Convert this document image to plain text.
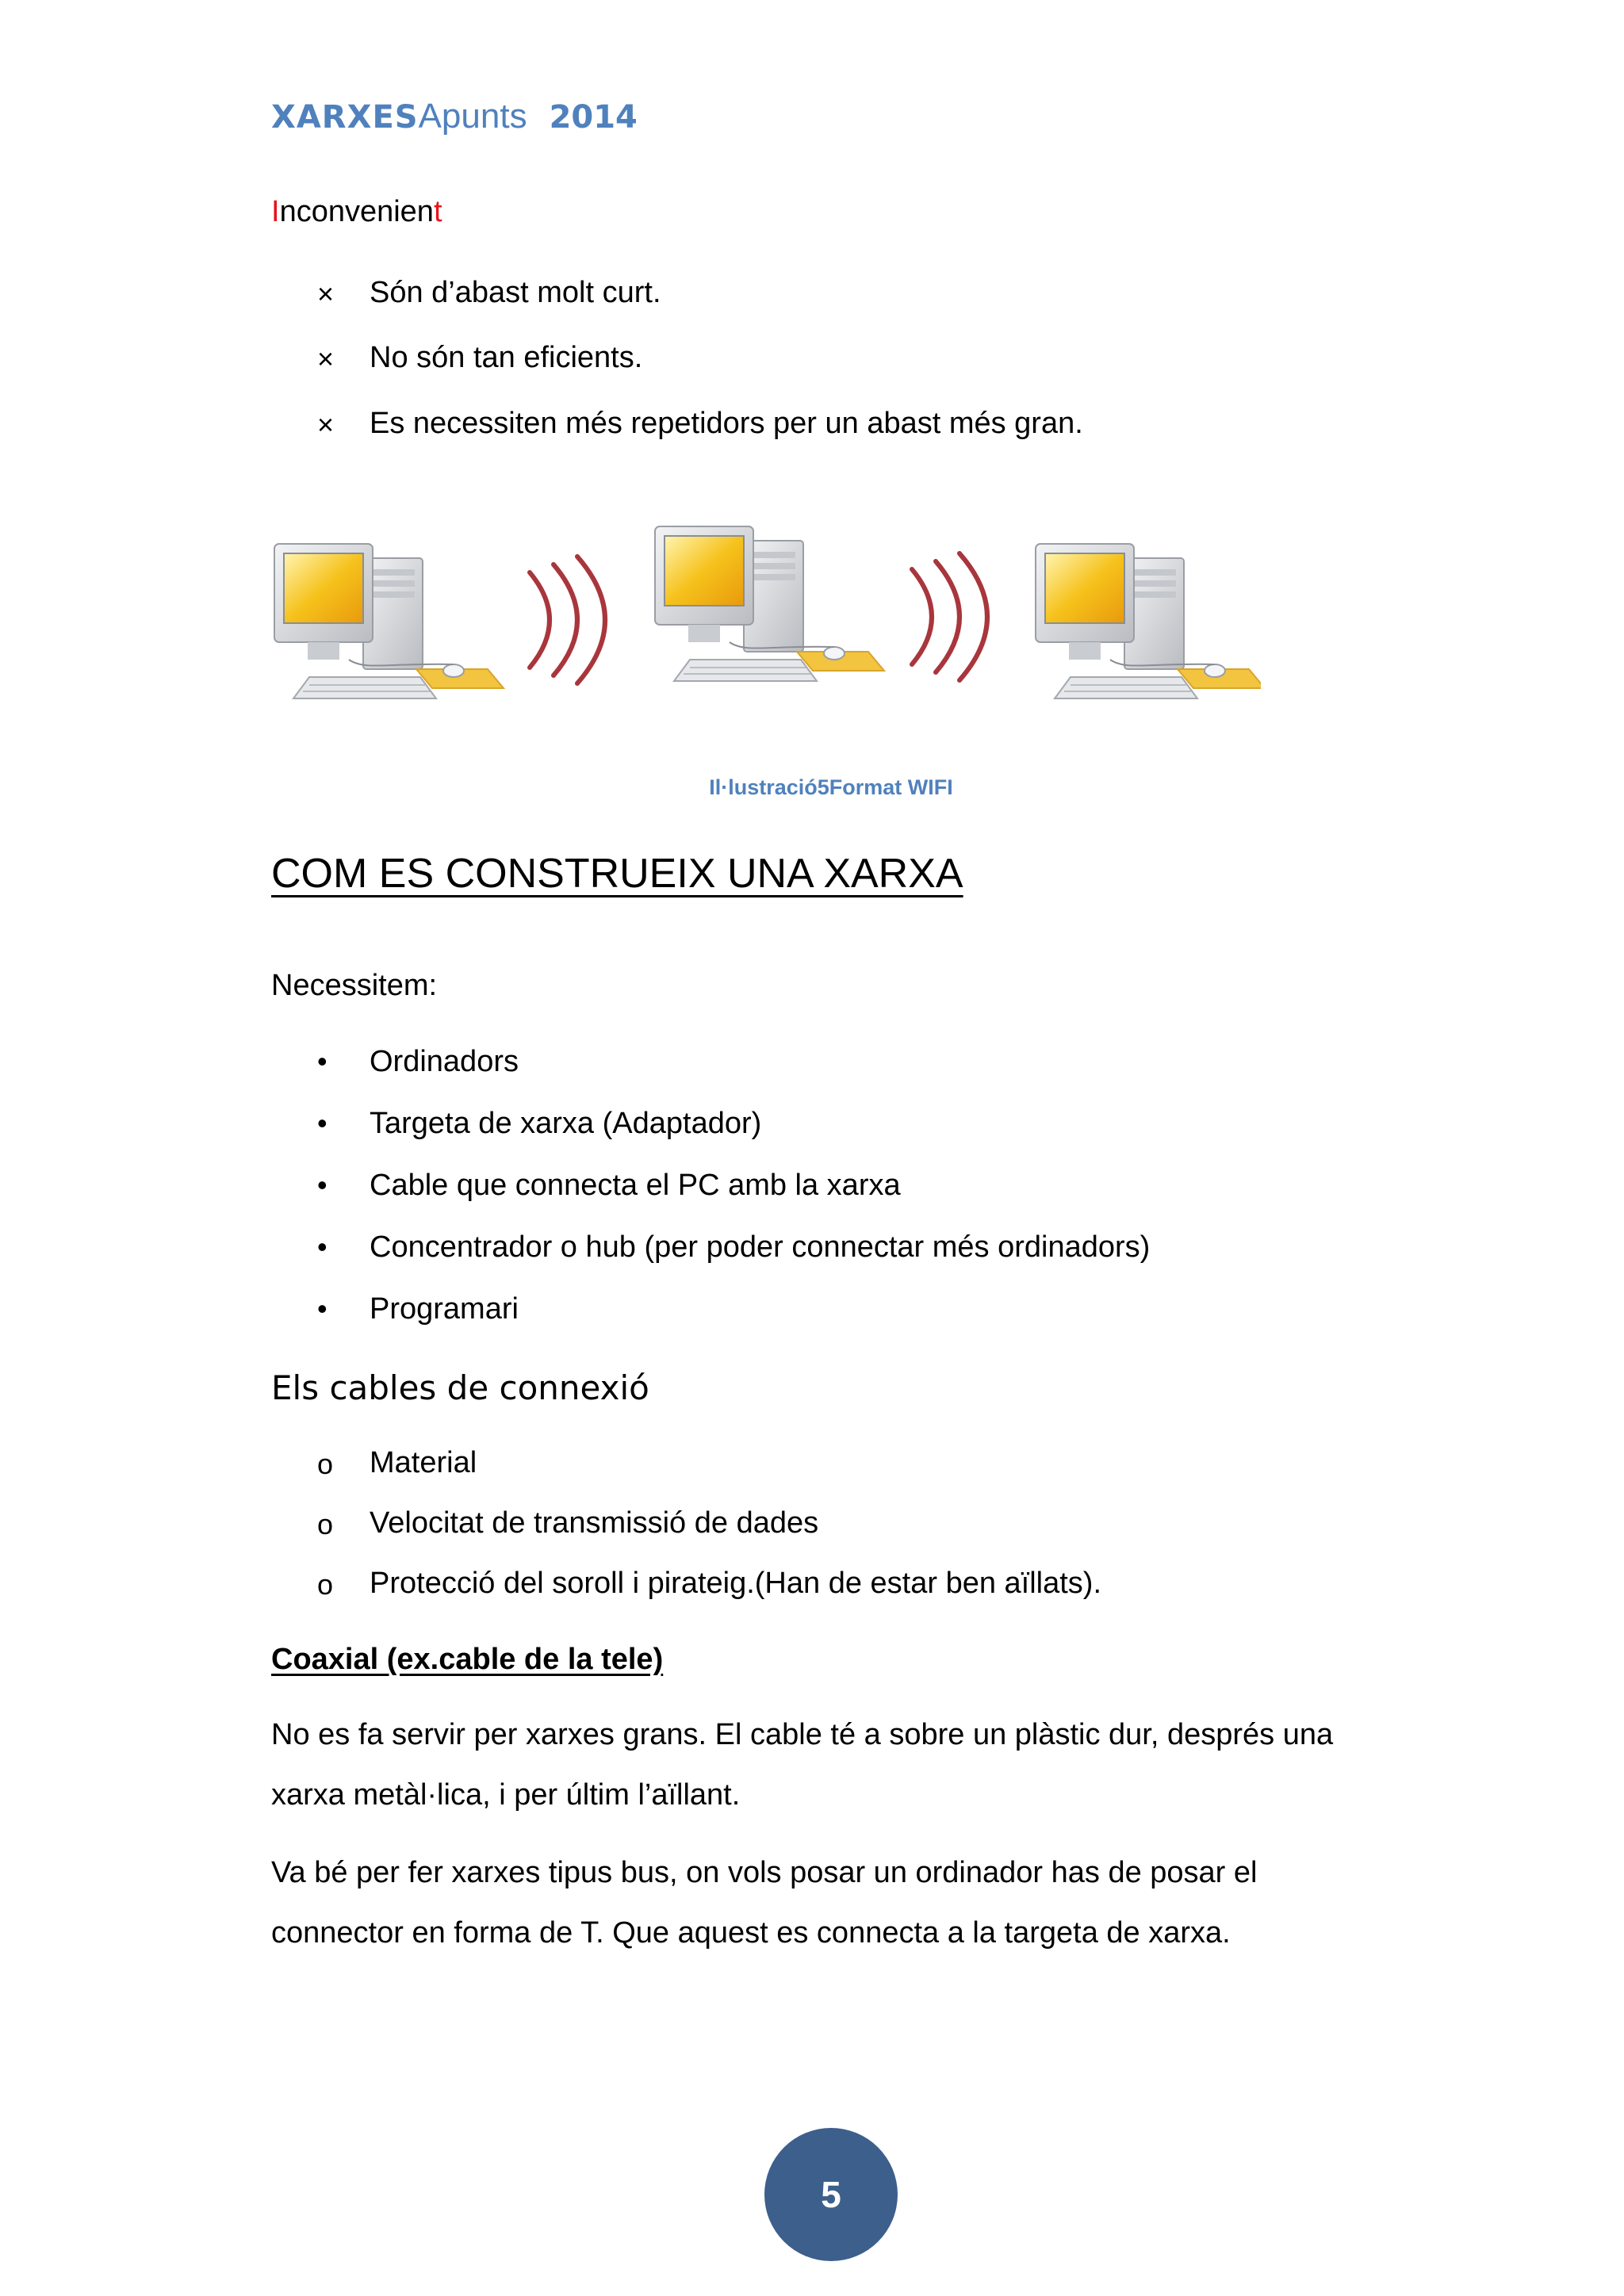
XARXES Apunts 2014
Inconvenient
× Són d’abast molt curt.
× No són tan eficients.
× Es necessiten més repetidors per un abast més gran.
Il·lustració5Format WIFI
COM ES CONSTRUEIX UNA XARXA
Necessitem:
• Ordinadors
• Targeta de xarxa (Adaptador)
• Cable que connecta el PC amb la xarxa
• Concentrador o hub (per poder connectar més ordinadors)
• Programari
Els cables de connexió
o Material
o Velocitat de transmissió de dades
o Protecció del soroll i pirateig.(Han de estar ben aïllats).
Coaxial (ex.cable de la tele)
No es fa servir per xarxes grans. El cable té a sobre un plàstic dur, després una xarxa metàl·lica, i per últim l’aïllant.
Va bé per fer xarxes tipus bus, on vols posar un ordinador has de posar el connector en forma de T. Que aquest es connecta a la targeta de xarxa.
5
